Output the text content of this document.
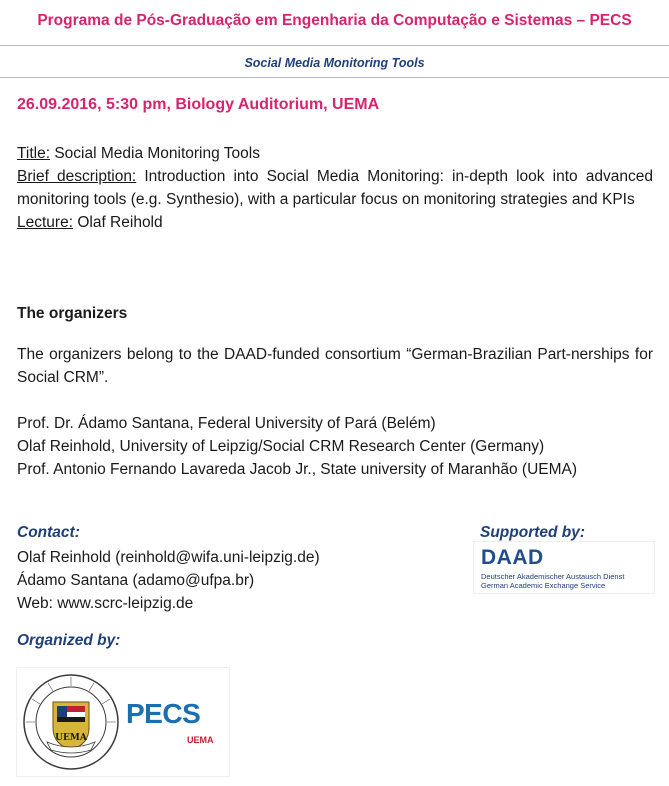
Programa de Pós-Graduação em Engenharia da Computação e Sistemas – PECS
Social Media Monitoring Tools
26.09.2016, 5:30 pm, Biology Auditorium, UEMA
Title: Social Media Monitoring Tools
Brief description: Introduction into Social Media Monitoring: in-depth look into advanced monitoring tools (e.g. Synthesio), with a particular focus on monitoring strategies and KPIs
Lecture: Olaf Reihold
The organizers
The organizers belong to the DAAD-funded consortium “German-Brazilian Part-nerships for Social CRM”.
Prof. Dr. Ádamo Santana, Federal University of Pará (Belém)
Olaf Reinhold, University of Leipzig/Social CRM Research Center (Germany)
Prof. Antonio Fernando Lavareda Jacob Jr., State university of Maranhão (UEMA)
Contact:
Olaf Reinhold (reinhold@wifa.uni-leipzig.de)
Ádamo Santana (adamo@ufpa.br)
Web: www.scrc-leipzig.de
Supported by:
DAAD
Deutscher Akademischer Austausch Dienst
German Academic Exchange Service
Organized by:
UEMA
PECS
UEMA
